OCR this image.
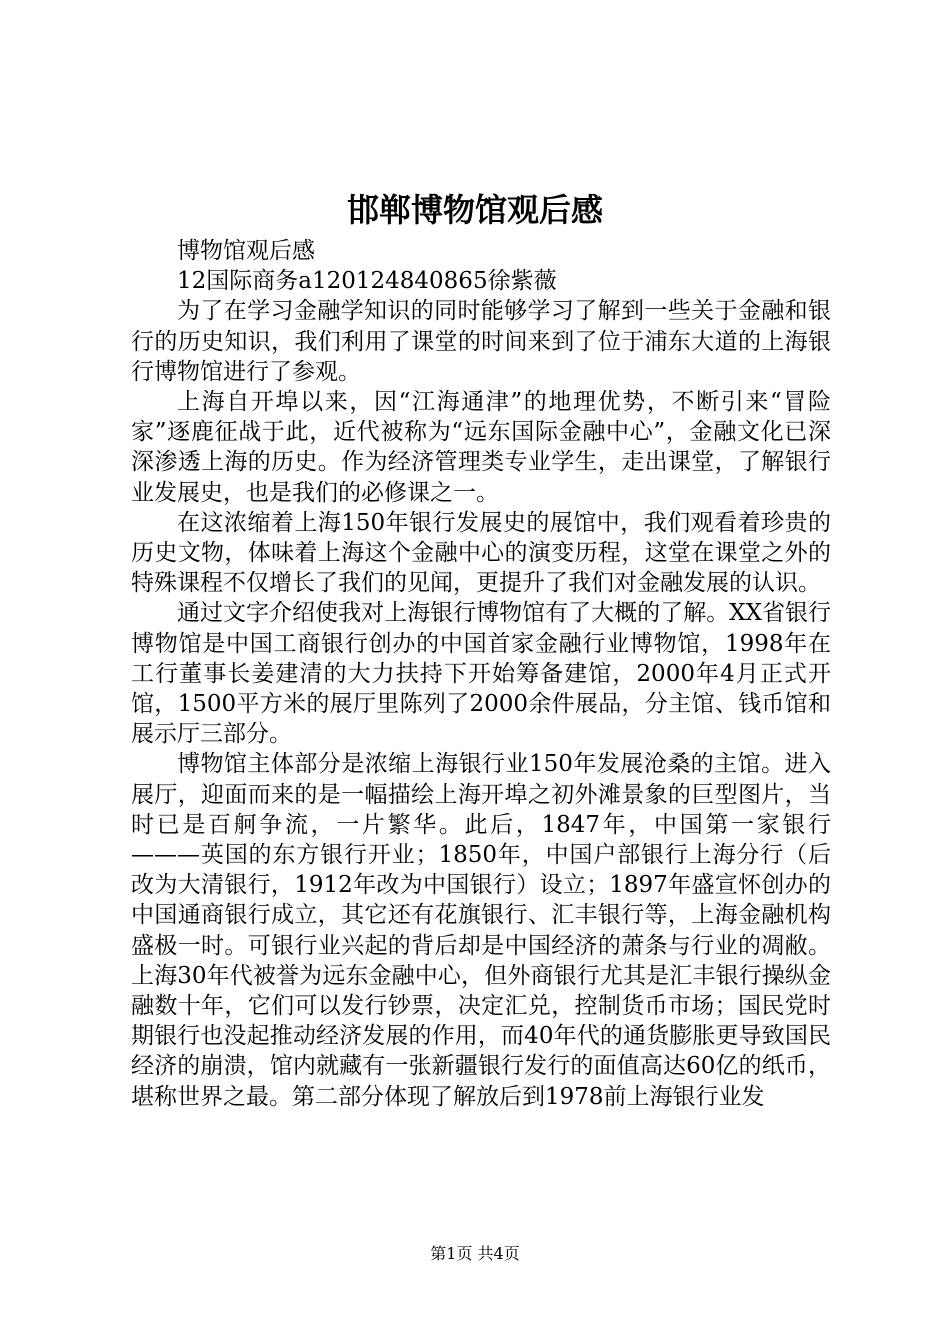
邯郸博物馆观后感

博物馆观后感

12国际商务a120124840865徐紫薇

为了在学习金融学知识的同时能够学习了解到一些关于金融和银行的历史知识，我们利用了课堂的时间来到了位于浦东大道的上海银行博物馆进行了参观。

上海自开埠以来，因“江海通津”的地理优势，不断引来“冒险家”逐鹿征战于此，近代被称为“远东国际金融中心”，金融文化已深深渗透上海的历史。作为经济管理类专业学生，走出课堂，了解银行业发展史，也是我们的必修课之一。

在这浓缩着上海150年银行发展史的展馆中，我们观看着珍贵的历史文物，体味着上海这个金融中心的演变历程，这堂在课堂之外的特殊课程不仅增长了我们的见闻，更提升了我们对金融发展的认识。

通过文字介绍使我对上海银行博物馆有了大概的了解。XX省银行博物馆是中国工商银行创办的中国首家金融行业博物馆，1998年在工行董事长姜建清的大力扶持下开始筹备建馆，2000年4月正式开馆，1500平方米的展厅里陈列了2000余件展品，分主馆、钱币馆和展示厅三部分。

博物馆主体部分是浓缩上海银行业150年发展沧桑的主馆。进入展厅，迎面而来的是一幅描绘上海开埠之初外滩景象的巨型图片，当时已是百舸争流，一片繁华。此后，1847年，中国第一家银行———英国的东方银行开业；1850年，中国户部银行上海分行（后改为大清银行，1912年改为中国银行）设立；1897年盛宣怀创办的中国通商银行成立，其它还有花旗银行、汇丰银行等，上海金融机构盛极一时。可银行业兴起的背后却是中国经济的萧条与行业的凋敝。上海30年代被誉为远东金融中心，但外商银行尤其是汇丰银行操纵金融数十年，它们可以发行钞票，决定汇兑，控制货币市场；国民党时期银行也没起推动经济发展的作用，而40年代的通货膨胀更导致国民经济的崩溃，馆内就藏有一张新疆银行发行的面值高达60亿的纸币，堪称世界之最。第二部分体现了解放后到1978前上海银行业发

第1页 共4页
